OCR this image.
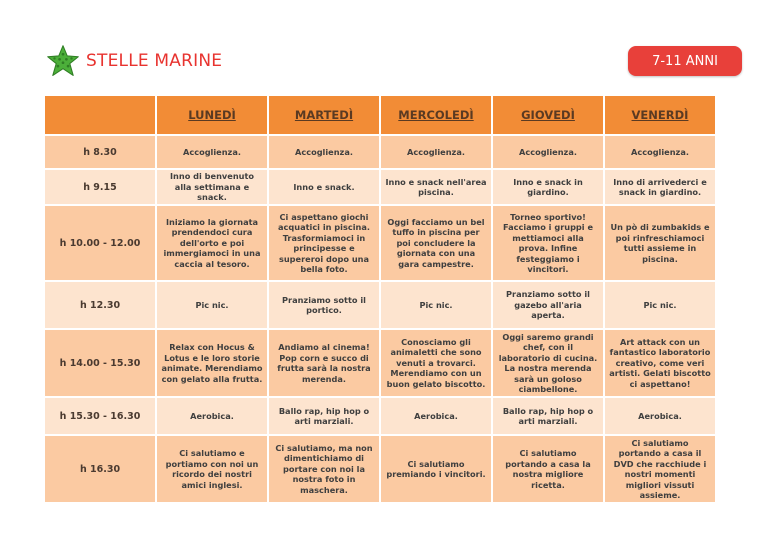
STELLE MARINE	7-11 ANNI
	LUNEDÌ	MARTEDÌ	MERCOLEDÌ	GIOVEDÌ	VENERDÌ
h 8.30	Accoglienza.	Accoglienza.	Accoglienza.	Accoglienza.	Accoglienza.
h 9.15	Inno di benvenuto alla settimana e snack.	Inno e snack.	Inno e snack nell'area piscina.	Inno e snack in giardino.	Inno di arrivederci e snack in giardino.
h 10.00 - 12.00	Iniziamo la giornata prendendoci cura dell'orto e poi immergiamoci in una caccia al tesoro.	Ci aspettano giochi acquatici in piscina. Trasformiamoci in principesse e supereroi dopo una bella foto.	Oggi facciamo un bel tuffo in piscina per poi concludere la giornata con una gara campestre.	Torneo sportivo! Facciamo i gruppi e mettiamoci alla prova. Infine festeggiamo i vincitori.	Un pò di zumbakids e poi rinfreschiamoci tutti assieme in piscina.
h 12.30	Pic nic.	Pranziamo sotto il portico.	Pic nic.	Pranziamo sotto il gazebo all'aria aperta.	Pic nic.
h 14.00 - 15.30	Relax con Hocus & Lotus e le loro storie animate. Merendiamo con gelato alla frutta.	Andiamo al cinema! Pop corn e succo di frutta sarà la nostra merenda.	Conosciamo gli animaletti che sono venuti a trovarci. Merendiamo con un buon gelato biscotto.	Oggi saremo grandi chef, con il laboratorio di cucina. La nostra merenda sarà un goloso ciambellone.	Art attack con un fantastico laboratorio creativo, come veri artisti. Gelati biscotto ci aspettano!
h 15.30 - 16.30	Aerobica.	Ballo rap, hip hop o arti marziali.	Aerobica.	Ballo rap, hip hop o arti marziali.	Aerobica.
h 16.30	Ci salutiamo e portiamo con noi un ricordo dei nostri amici inglesi.	Ci salutiamo, ma non dimentichiamo di portare con noi la nostra foto in maschera.	Ci salutiamo premiando i vincitori.	Ci salutiamo portando a casa la nostra migliore ricetta.	Ci salutiamo portando a casa il DVD che racchiude i nostri momenti migliori vissuti assieme.
